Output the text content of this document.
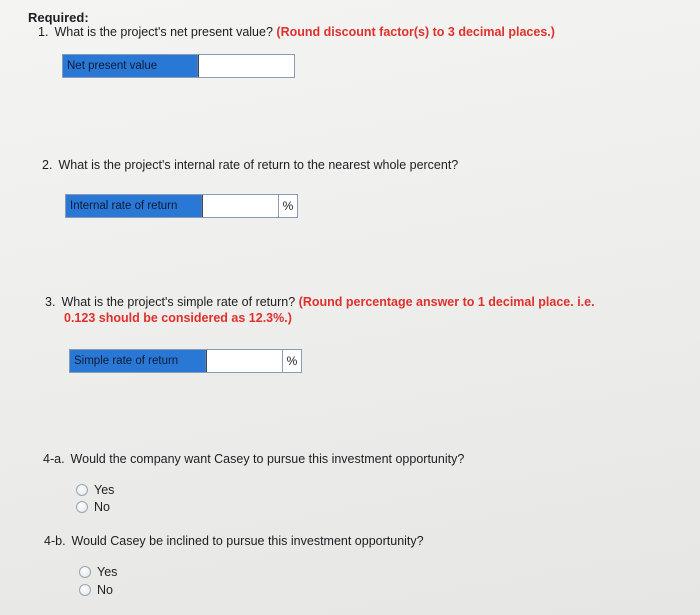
Required:
1. What is the project's net present value? (Round discount factor(s) to 3 decimal places.)
Net present value
2. What is the project's internal rate of return to the nearest whole percent?
Internal rate of return	%
3. What is the project's simple rate of return? (Round percentage answer to 1 decimal place. i.e.
0.123 should be considered as 12.3%.)
Simple rate of return	%
4-a. Would the company want Casey to pursue this investment opportunity?
Yes
No
4-b. Would Casey be inclined to pursue this investment opportunity?
Yes
No
